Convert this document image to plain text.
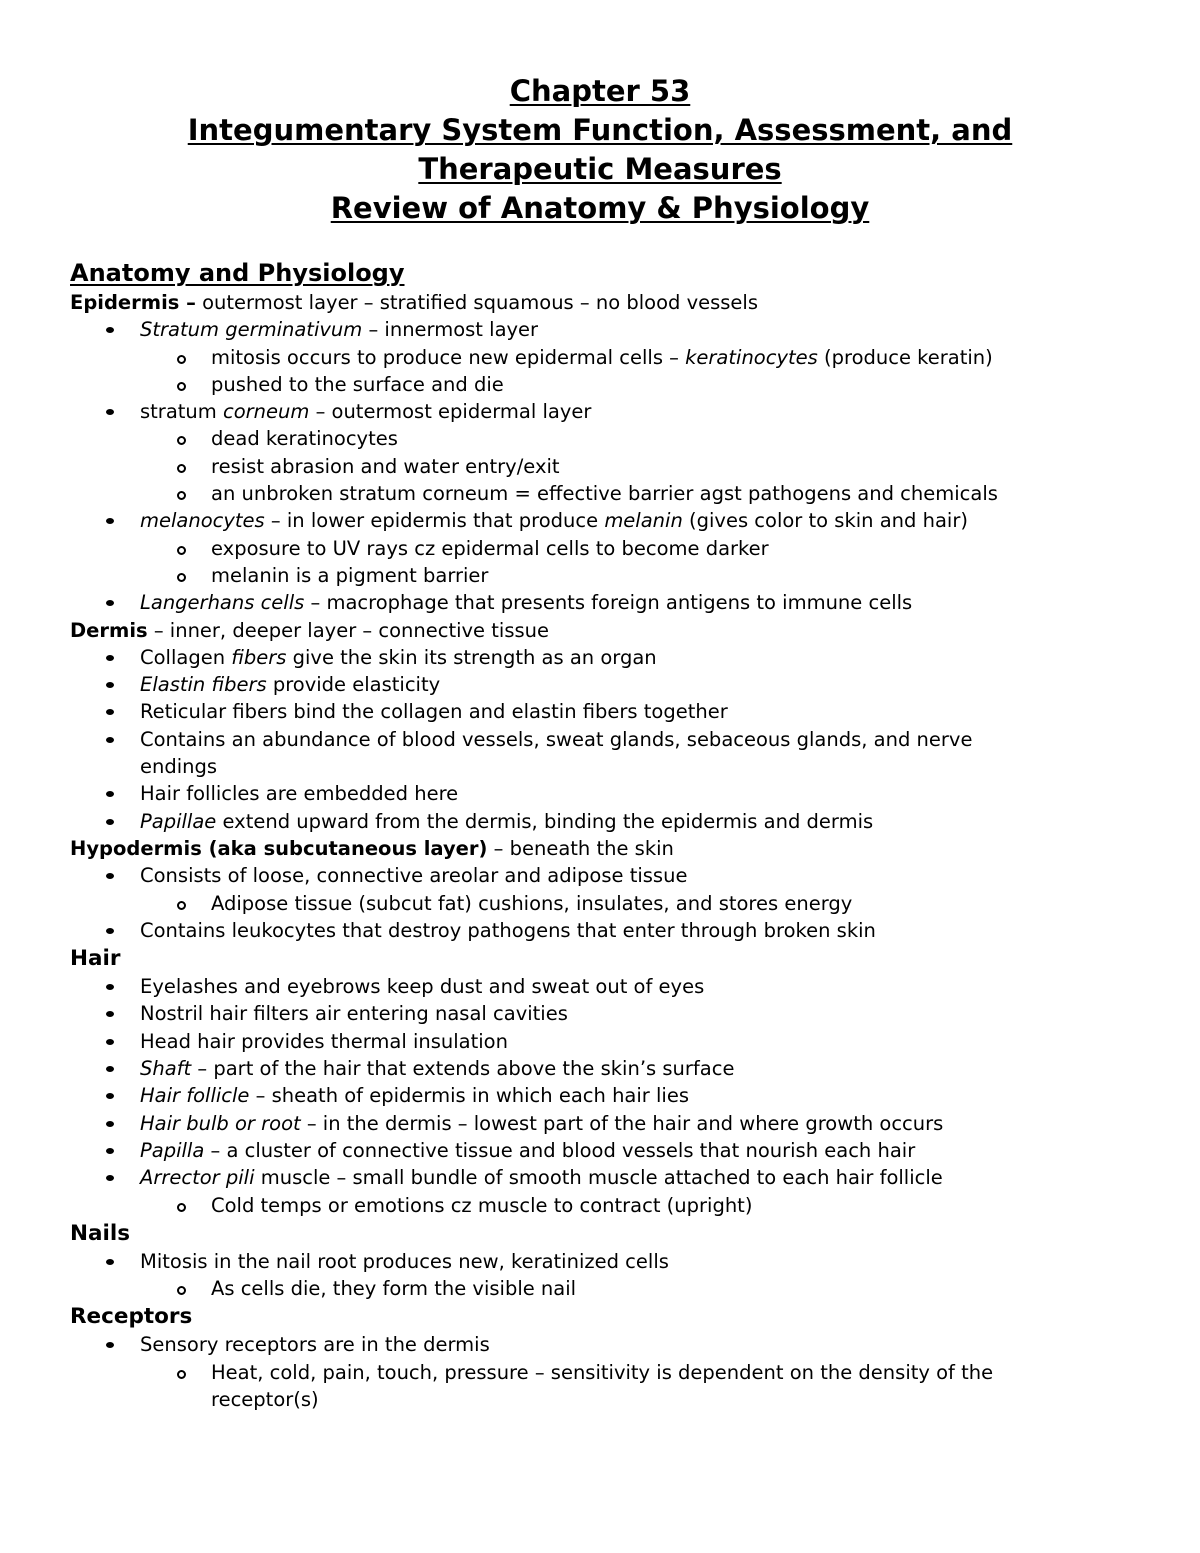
Chapter 53
Integumentary System Function, Assessment, and
Therapeutic Measures
Review of Anatomy & Physiology
Anatomy and Physiology
Epidermis – outermost layer – stratified squamous – no blood vessels
Stratum germinativum – innermost layer
mitosis occurs to produce new epidermal cells – keratinocytes (produce keratin)
pushed to the surface and die
stratum corneum – outermost epidermal layer
dead keratinocytes
resist abrasion and water entry/exit
an unbroken stratum corneum = effective barrier agst pathogens and chemicals
melanocytes – in lower epidermis that produce melanin (gives color to skin and hair)
exposure to UV rays cz epidermal cells to become darker
melanin is a pigment barrier
Langerhans cells – macrophage that presents foreign antigens to immune cells
Dermis – inner, deeper layer – connective tissue
Collagen fibers give the skin its strength as an organ
Elastin fibers provide elasticity
Reticular fibers bind the collagen and elastin fibers together
Contains an abundance of blood vessels, sweat glands, sebaceous glands, and nerve
endings
Hair follicles are embedded here
Papillae extend upward from the dermis, binding the epidermis and dermis
Hypodermis (aka subcutaneous layer) – beneath the skin
Consists of loose, connective areolar and adipose tissue
Adipose tissue (subcut fat) cushions, insulates, and stores energy
Contains leukocytes that destroy pathogens that enter through broken skin
Hair
Eyelashes and eyebrows keep dust and sweat out of eyes
Nostril hair filters air entering nasal cavities
Head hair provides thermal insulation
Shaft – part of the hair that extends above the skin’s surface
Hair follicle – sheath of epidermis in which each hair lies
Hair bulb or root – in the dermis – lowest part of the hair and where growth occurs
Papilla – a cluster of connective tissue and blood vessels that nourish each hair
Arrector pili muscle – small bundle of smooth muscle attached to each hair follicle
Cold temps or emotions cz muscle to contract (upright)
Nails
Mitosis in the nail root produces new, keratinized cells
As cells die, they form the visible nail
Receptors
Sensory receptors are in the dermis
Heat, cold, pain, touch, pressure – sensitivity is dependent on the density of the
receptor(s)
